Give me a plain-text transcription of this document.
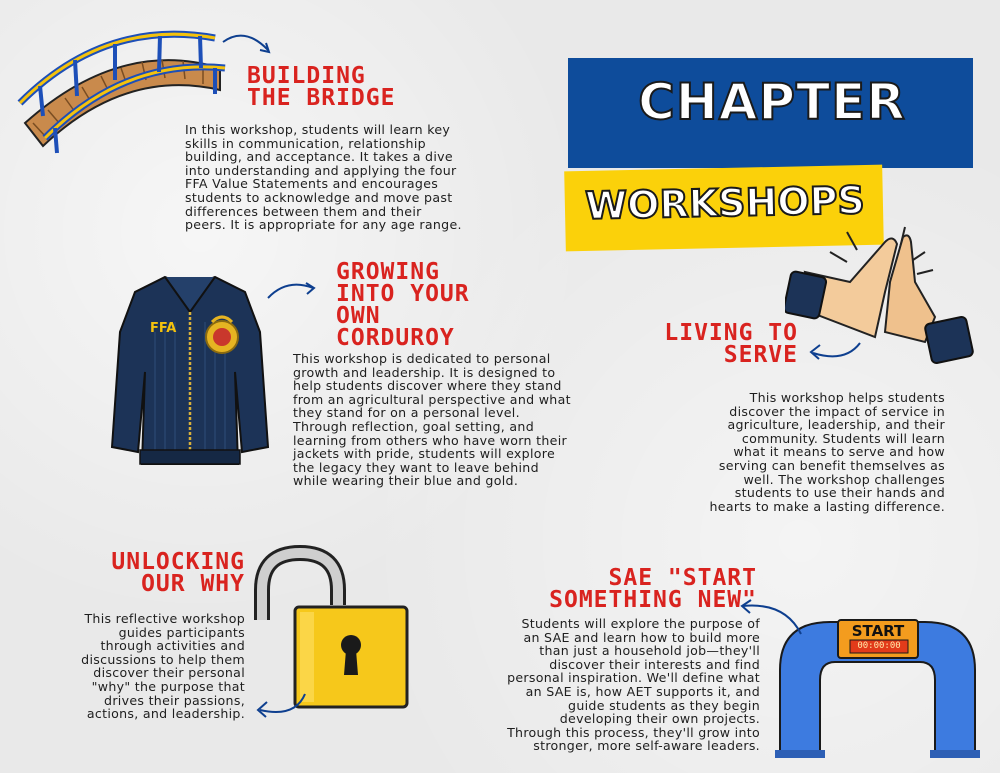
CHAPTER
WORKSHOPS
BUILDING
THE BRIDGE
In this workshop, students will learn key
skills in communication, relationship
building, and acceptance. It takes a dive
into understanding and applying the four
FFA Value Statements and encourages
students to acknowledge and move past
differences between them and their
peers. It is appropriate for any age range.
FFA
GROWING
INTO YOUR
OWN
CORDUROY
This workshop is dedicated to personal
growth and leadership. It is designed to
help students discover where they stand
from an agricultural perspective and what
they stand for on a personal level.
Through reflection, goal setting, and
learning from others who have worn their
jackets with pride, students will explore
the legacy they want to leave behind
while wearing their blue and gold.
LIVING TO
SERVE
This workshop helps students
discover the impact of service in
agriculture, leadership, and their
community. Students will learn
what it means to serve and how
serving can benefit themselves as
well. The workshop challenges
students to use their hands and
hearts to make a lasting difference.
UNLOCKING
OUR WHY
This reflective workshop
guides participants
through activities and
discussions to help them
discover their personal
"why" the purpose that
drives their passions,
actions, and leadership.
START
00:00:00
SAE "START
SOMETHING NEW"
Students will explore the purpose of
an SAE and learn how to build more
than just a household job—they'll
discover their interests and find
personal inspiration. We'll define what
an SAE is, how AET supports it, and
guide students as they begin
developing their own projects.
Through this process, they'll grow into
stronger, more self-aware leaders.
